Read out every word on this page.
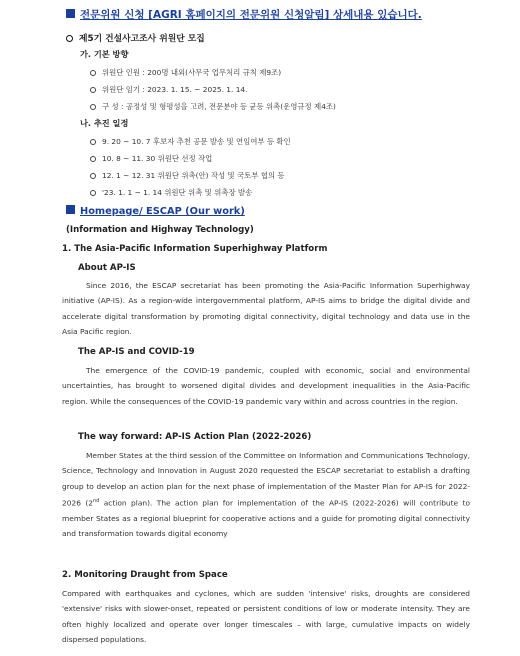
전문위원 신청 [AGRI 홈페이지의 전문위원 신청알림] 상세내용 있습니다.
제5기 건설사고조사 위원단 모집
가. 기본 방향
위원단 인원 : 200명 내외(사무국 업무처리 규칙 제9조)
위원단 임기 : 2023. 1. 15. ~ 2025. 1. 14.
구 성 : 공정성 및 형평성을 고려, 전문분야 등 균등 위촉(운영규정 제4조)
나. 추진 일정
9. 20 ~ 10. 7 후보자 추천 공문 발송 및 연임여부 등 확인
10. 8 ~ 11. 30 위원단 선정 작업
12. 1 ~ 12. 31 위원단 위촉(안) 작성 및 국토부 협의 등
'23. 1. 1 ~ 1. 14 위원단 위촉 및 위촉장 발송
Homepage/ ESCAP (Our work)
(Information and Highway Technology)
1. The Asia-Pacific Information Superhighway Platform
About AP-IS
Since 2016, the ESCAP secretariat has been promoting the Asia-Pacific Information Superhighway initiative (AP-IS). As a region-wide intergovernmental platform, AP-IS aims to bridge the digital divide and accelerate digital transformation by promoting digital connectivity, digital technology and data use in the Asia Pacific region.
The AP-IS and COVID-19
The emergence of the COVID-19 pandemic, coupled with economic, social and environmental uncertainties, has brought to worsened digital divides and development inequalities in the Asia-Pacific region. While the consequences of the COVID-19 pandemic vary within and across countries in the region.
The way forward: AP-IS Action Plan (2022-2026)
Member States at the third session of the Committee on Information and Communications Technology, Science, Technology and Innovation in August 2020 requested the ESCAP secretariat to establish a drafting group to develop an action plan for the next phase of implementation of the Master Plan for AP-IS for 2022-2026 (2nd action plan). The action plan for implementation of the AP-IS (2022-2026) will contribute to member States as a regional blueprint for cooperative actions and a guide for promoting digital connectivity and transformation towards digital economy
2. Monitoring Draught from Space
Compared with earthquakes and cyclones, which are sudden 'intensive' risks, droughts are considered 'extensive' risks with slower-onset, repeated or persistent conditions of low or moderate intensity. They are often highly localized and operate over longer timescales – with large, cumulative impacts on widely dispersed populations.
